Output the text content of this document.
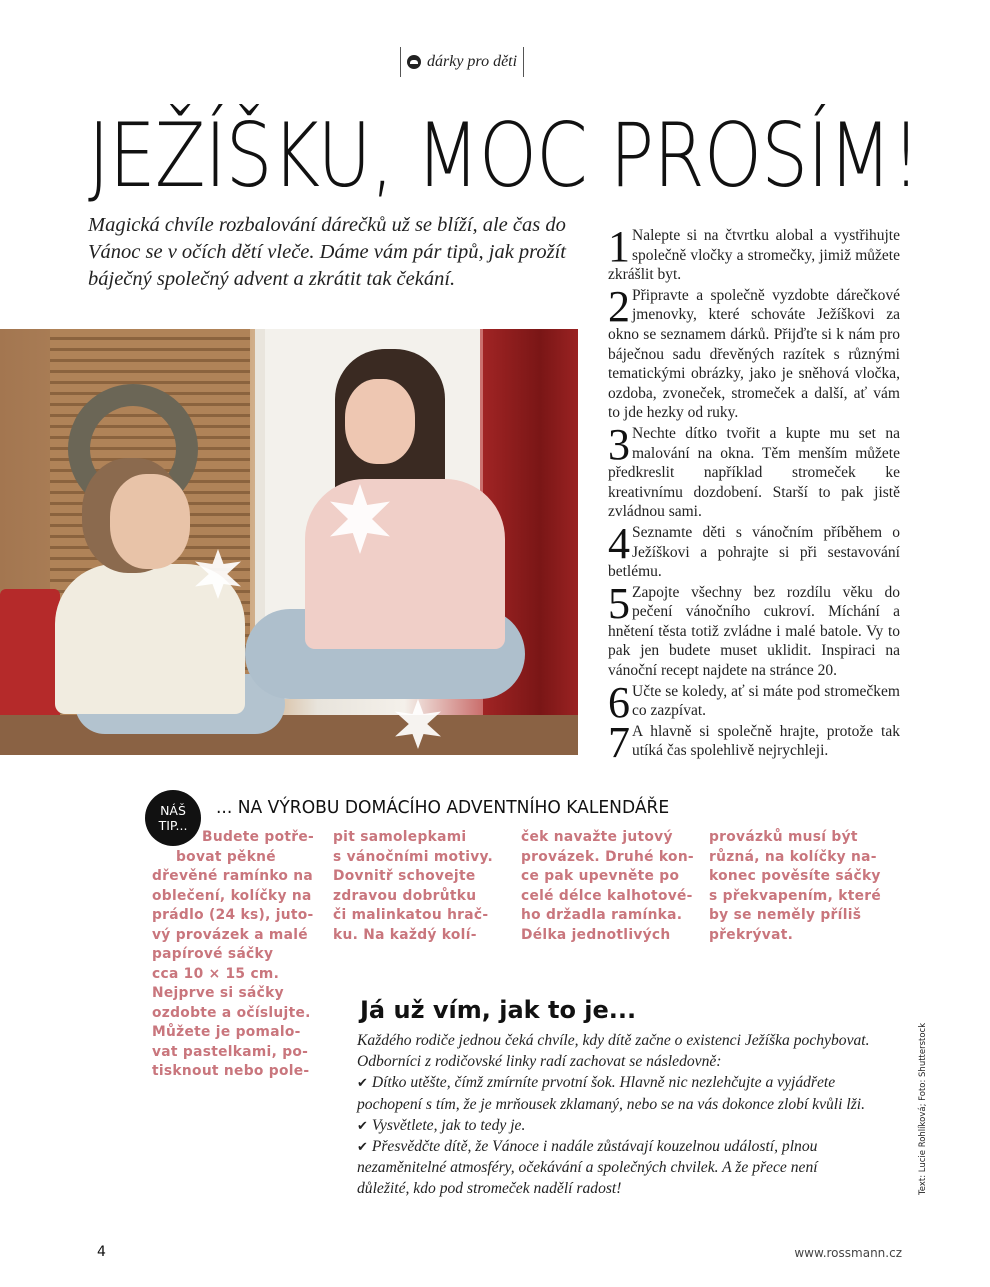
dárky pro děti
JEŽÍŠKU, MOC PROSÍM!
Magická chvíle rozbalování dárečků už se blíží, ale čas do Vánoc se v očích dětí vleče. Dáme vám pár tipů, jak prožít báječný společný advent a zkrátit tak čekání.
1 Nalepte si na čtvrtku alobal a vystřihujte společně vločky a stromečky, jimiž můžete zkrášlit byt.
2 Připravte a společně vyzdobte dárečkové jmenovky, které schováte Ježíškovi za okno se seznamem dárků. Přijďte si k nám pro báječnou sadu dřevěných razítek s různými tematickými obrázky, jako je sněhová vločka, ozdoba, zvoneček, stromeček a další, ať vám to jde hezky od ruky.
3 Nechte dítko tvořit a kupte mu set na malování na okna. Těm menším můžete předkreslit například stromeček ke kreativnímu dozdobení. Starší to pak jistě zvládnou sami.
4 Seznamte děti s vánočním příběhem o Ježíškovi a pohrajte si při sestavování betlému.
5 Zapojte všechny bez rozdílu věku do pečení vánočního cukroví. Míchání a hnětení těsta totiž zvládne i malé batole. Vy to pak jen budete muset uklidit. Inspiraci na vánoční recept najdete na stránce 20.
6 Učte se koledy, ať si máte pod stromečkem co zazpívat.
7 A hlavně si společně hrajte, protože tak utíká čas spolehlivě nejrychleji.
NÁŠ
TIP...
... NA VÝROBU DOMÁCÍHO ADVENTNÍHO KALENDÁŘE
Budete potře-
bovat pěkné
dřevěné ramínko na
oblečení, kolíčky na
prádlo (24 ks), juto-
vý provázek a malé
papírové sáčky
cca 10 × 15 cm.
Nejprve si sáčky
ozdobte a očíslujte.
Můžete je pomalo-
vat pastelkami, po-
tisknout nebo pole-
pit samolepkami
s vánočními motivy.
Dovnitř schovejte
zdravou dobrůtku
či malinkatou hrač-
ku. Na každý kolí-
ček navažte jutový
provázek. Druhé kon-
ce pak upevněte po
celé délce kalhotové-
ho držadla ramínka.
Délka jednotlivých
provázků musí být
různá, na kolíčky na-
konec pověsíte sáčky
s překvapením, které
by se neměly příliš
překrývat.
Já už vím, jak to je...
Každého rodiče jednou čeká chvíle, kdy dítě začne o existenci Ježíška pochybovat.
Odborníci z rodičovské linky radí zachovat se následovně:
✔ Dítko utěšte, čímž zmírníte prvotní šok. Hlavně nic nezlehčujte a vyjádřete
pochopení s tím, že je mrňousek zklamaný, nebo se na vás dokonce zlobí kvůli lži.
✔ Vysvětlete, jak to tedy je.
✔ Přesvědčte dítě, že Vánoce i nadále zůstávají kouzelnou událostí, plnou
nezaměnitelné atmosféry, očekávání a společných chvilek. A že přece není
důležité, kdo pod stromeček nadělí radost!	Text: Lucie Rohlíková; Foto: Shutterstock
4	www.rossmann.cz
